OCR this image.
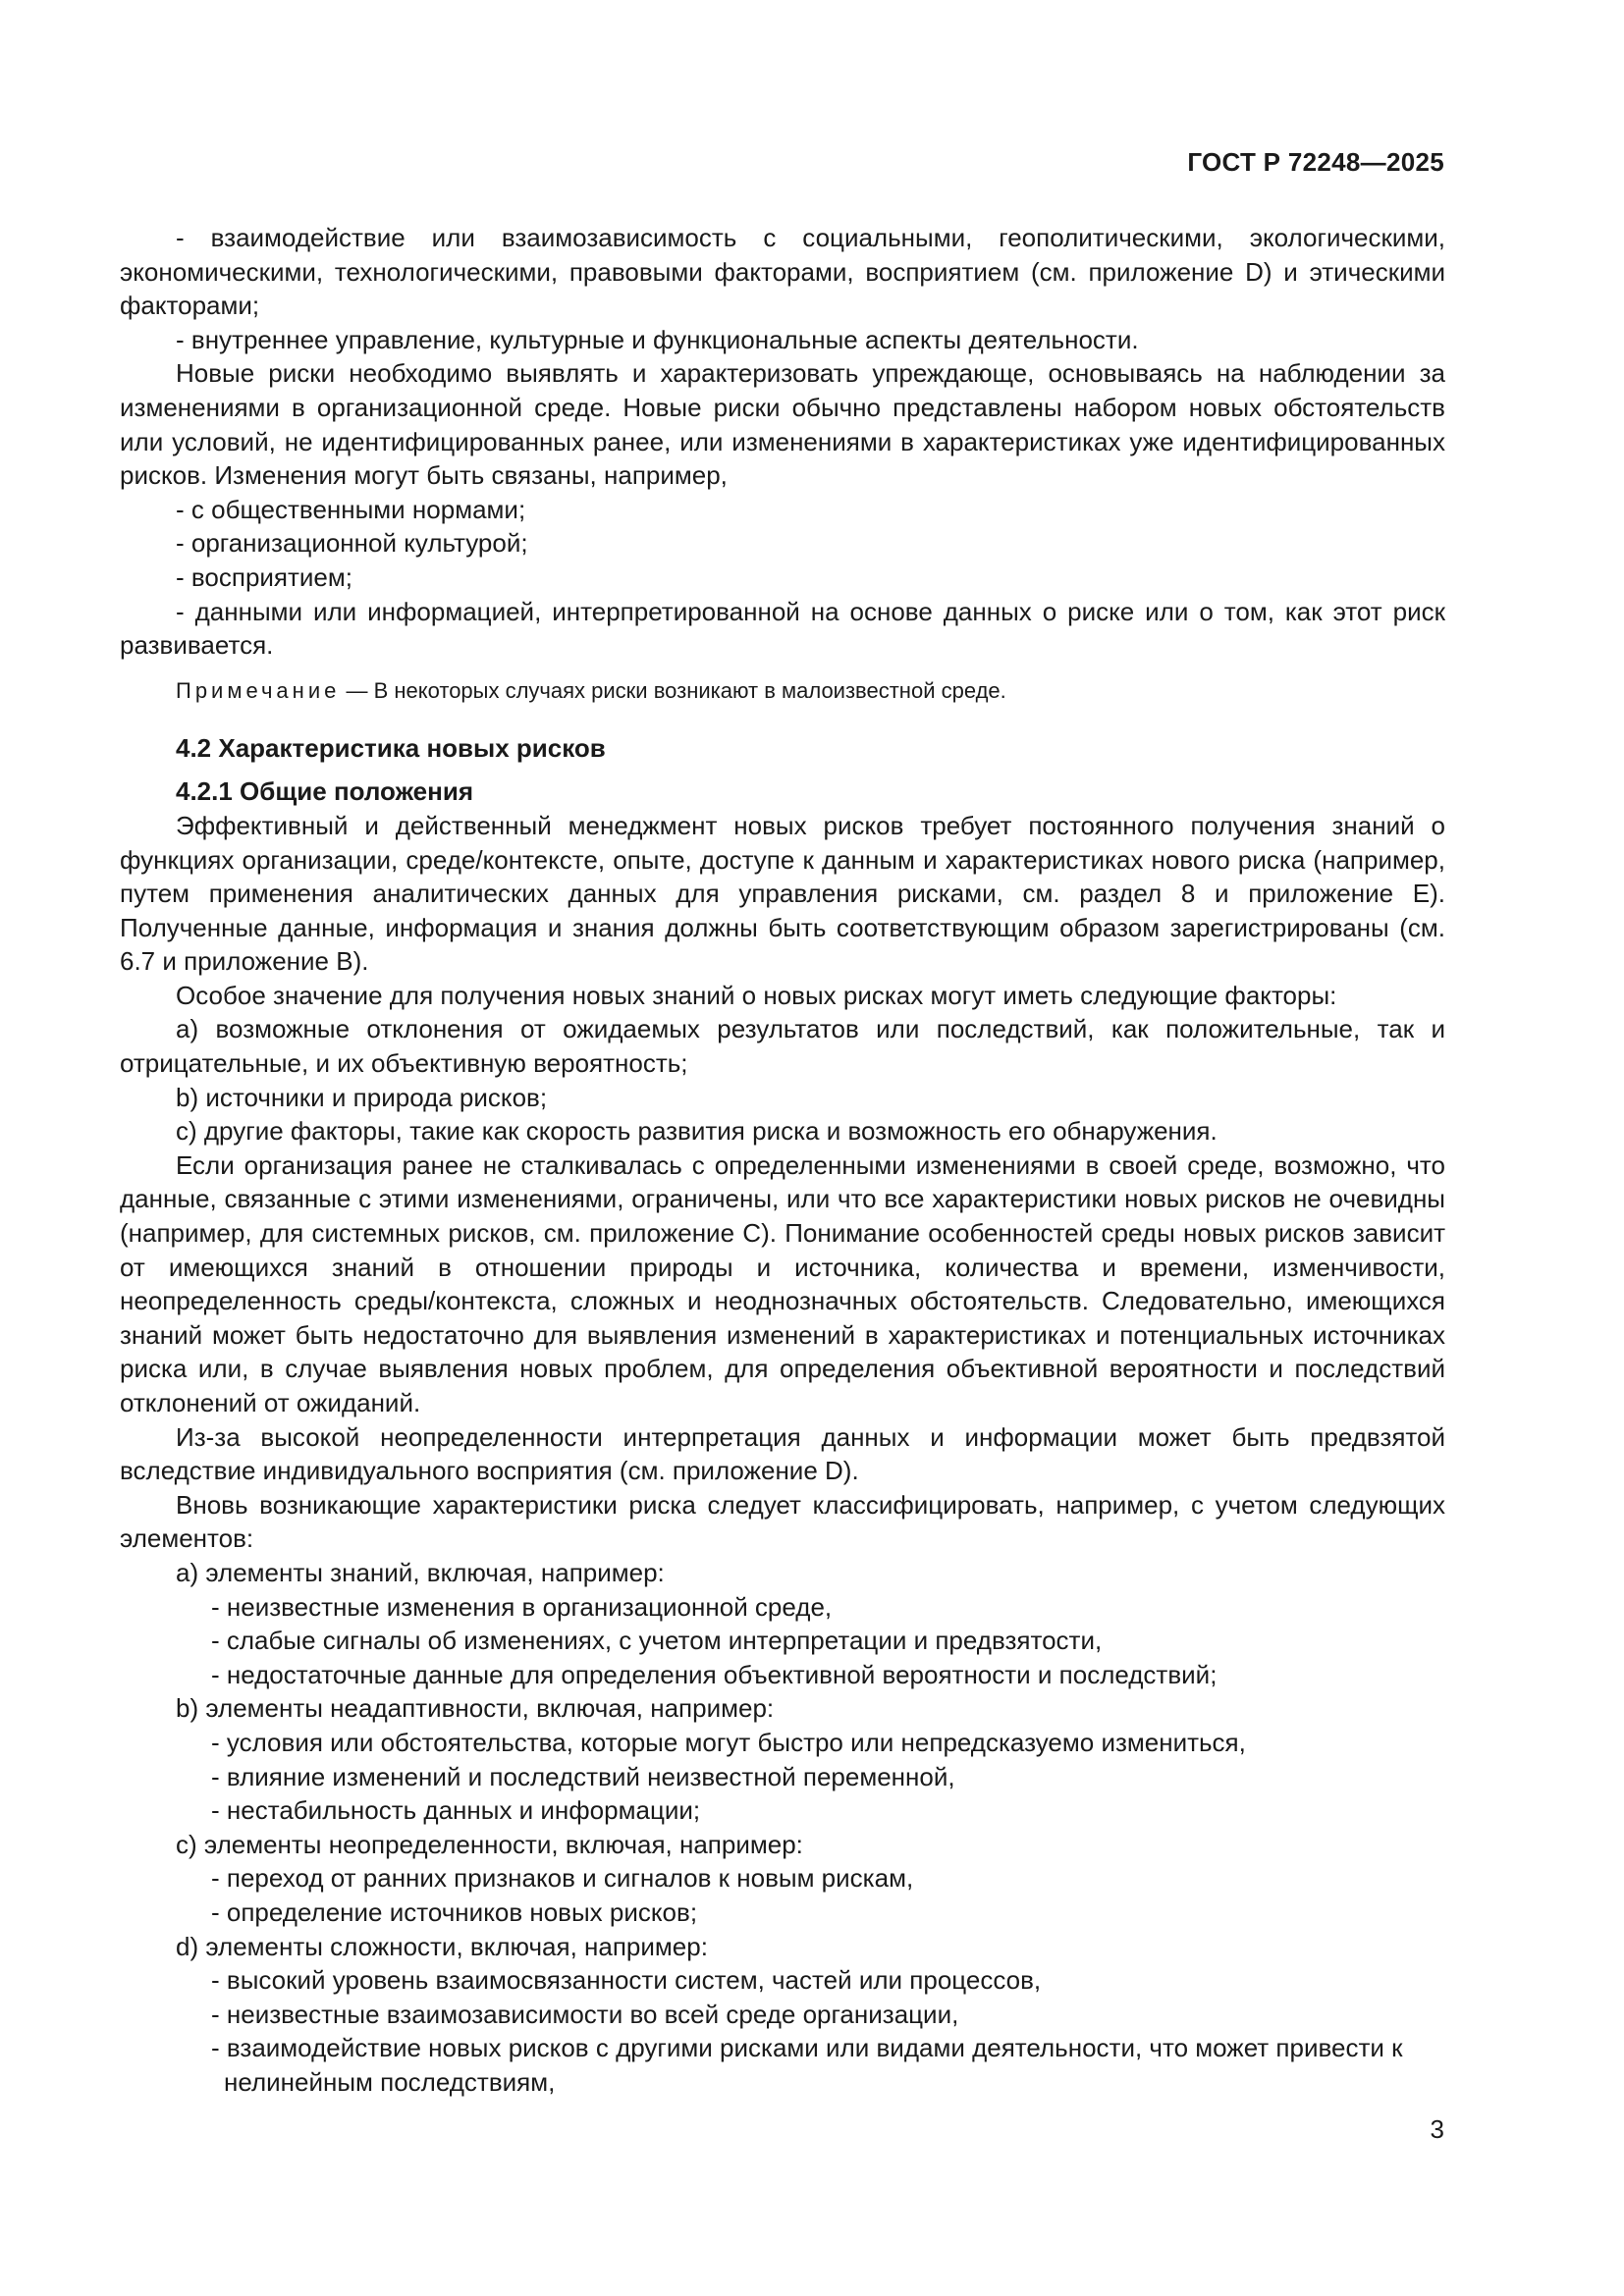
ГОСТ Р 72248—2025

- взаимодействие или взаимозависимость с социальными, геополитическими, экологическими, экономическими, технологическими, правовыми факторами, восприятием (см. приложение D) и этическими факторами;

- внутреннее управление, культурные и функциональные аспекты деятельности.

Новые риски необходимо выявлять и характеризовать упреждающе, основываясь на наблюдении за изменениями в организационной среде. Новые риски обычно представлены набором новых обстоятельств или условий, не идентифицированных ранее, или изменениями в характеристиках уже идентифицированных рисков. Изменения могут быть связаны, например,

- с общественными нормами;

- организационной культурой;

- восприятием;

- данными или информацией, интерпретированной на основе данных о риске или о том, как этот риск развивается.

Примечание — В некоторых случаях риски возникают в малоизвестной среде.

4.2 Характеристика новых рисков

4.2.1 Общие положения

Эффективный и действенный менеджмент новых рисков требует постоянного получения знаний о функциях организации, среде/контексте, опыте, доступе к данным и характеристиках нового риска (например, путем применения аналитических данных для управления рисками, см. раздел 8 и приложение E). Полученные данные, информация и знания должны быть соответствующим образом зарегистрированы (см. 6.7 и приложение B).

Особое значение для получения новых знаний о новых рисках могут иметь следующие факторы:

a) возможные отклонения от ожидаемых результатов или последствий, как положительные, так и отрицательные, и их объективную вероятность;

b) источники и природа рисков;

c) другие факторы, такие как скорость развития риска и возможность его обнаружения.

Если организация ранее не сталкивалась с определенными изменениями в своей среде, возможно, что данные, связанные с этими изменениями, ограничены, или что все характеристики новых рисков не очевидны (например, для системных рисков, см. приложение C). Понимание особенностей среды новых рисков зависит от имеющихся знаний в отношении природы и источника, количества и времени, изменчивости, неопределенность среды/контекста, сложных и неоднозначных обстоятельств. Следовательно, имеющихся знаний может быть недостаточно для выявления изменений в характеристиках и потенциальных источниках риска или, в случае выявления новых проблем, для определения объективной вероятности и последствий отклонений от ожиданий.

Из-за высокой неопределенности интерпретация данных и информации может быть предвзятой вследствие индивидуального восприятия (см. приложение D).

Вновь возникающие характеристики риска следует классифицировать, например, с учетом следующих элементов:

a) элементы знаний, включая, например:

- неизвестные изменения в организационной среде,

- слабые сигналы об изменениях, с учетом интерпретации и предвзятости,

- недостаточные данные для определения объективной вероятности и последствий;

b) элементы неадаптивности, включая, например:

- условия или обстоятельства, которые могут быстро или непредсказуемо измениться,

- влияние изменений и последствий неизвестной переменной,

- нестабильность данных и информации;

c) элементы неопределенности, включая, например:

- переход от ранних признаков и сигналов к новым рискам,

- определение источников новых рисков;

d) элементы сложности, включая, например:

- высокий уровень взаимосвязанности систем, частей или процессов,

- неизвестные взаимозависимости во всей среде организации,

- взаимодействие новых рисков с другими рисками или видами деятельности, что может привести к нелинейным последствиям,

3
